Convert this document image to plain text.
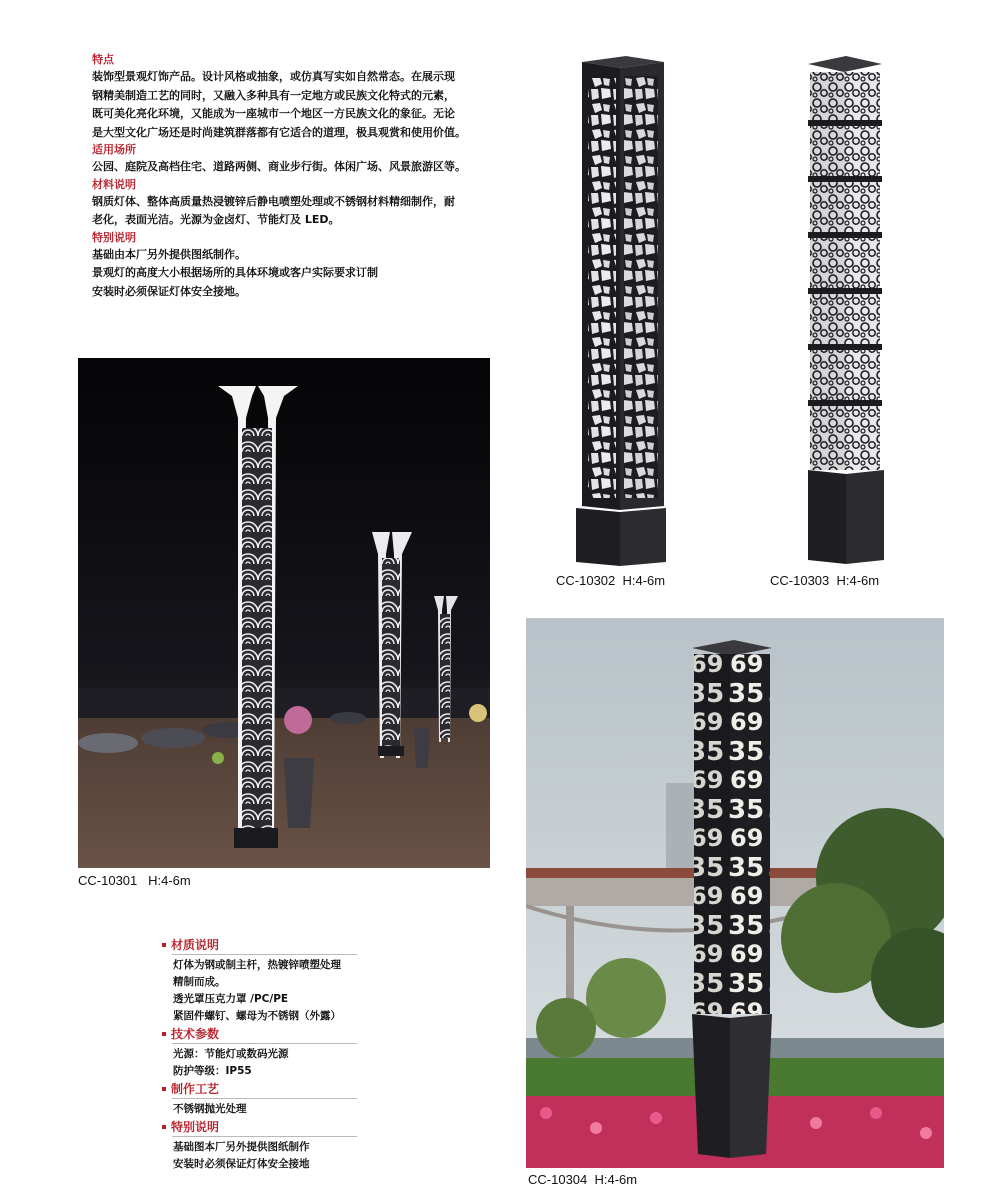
特点
装饰型景观灯饰产品。设计风格或抽象，或仿真写实如自然常态。在展示现
钢精美制造工艺的同时，又融入多种具有一定地方或民族文化特式的元素，
既可美化亮化环境，又能成为一座城市一个地区一方民族文化的象征。无论
是大型文化广场还是时尚建筑群落都有它适合的道理，极具观赏和使用价值。
适用场所
公园、庭院及高档住宅、道路两侧、商业步行街。体闲广场、风景旅游区等。
材料说明
钢质灯体、整体高质量热浸镀锌后静电喷塑处理或不锈钢材料精细制作，耐
老化，表面光洁。光源为金卤灯、节能灯及 LED。
特别说明
基础由本厂另外提供图纸制作。
景观灯的高度大小根据场所的具体环境或客户实际要求订制
安装时必须保证灯体安全接地。
CC-10302 H:4-6m	CC-10303 H:4-6m
CC-10301 H:4-6m
CC-10304 H:4-6m
材质说明
灯体为钢或制主杆，热镀锌喷塑处理
精制而成。
透光罩压克力罩 /PC/PE
紧固件螺钉、螺母为不锈钢（外露）
技术参数
光源：节能灯或数码光源
防护等级：IP55
制作工艺
不锈钢抛光处理
特别说明
基础图本厂另外提供图纸制作
安装时必须保证灯体安全接地
